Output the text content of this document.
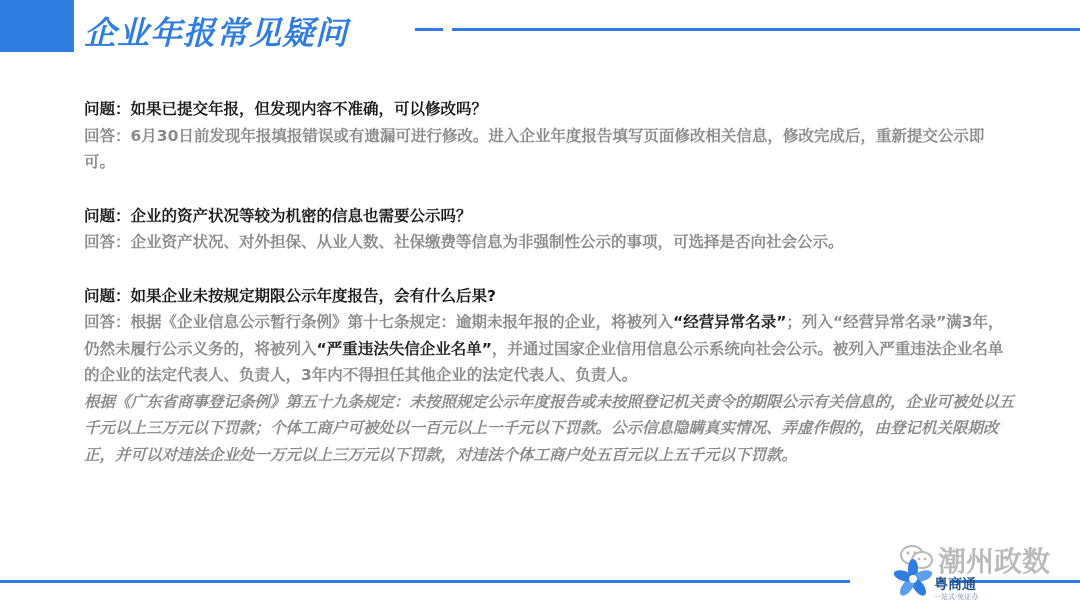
企业年报常见疑问
问题：如果已提交年报，但发现内容不准确，可以修改吗？
回答：6月30日前发现年报填报错误或有遗漏可进行修改。进入企业年度报告填写页面修改相关信息，修改完成后，重新提交公示即可。
问题：企业的资产状况等较为机密的信息也需要公示吗？
回答：企业资产状况、对外担保、从业人数、社保缴费等信息为非强制性公示的事项，可选择是否向社会公示。
问题：如果企业未按规定期限公示年度报告，会有什么后果?
回答：根据《企业信息公示暂行条例》第十七条规定：逾期未报年报的企业，将被列入“经营异常名录”；列入“经营异常名录”满3年，仍然未履行公示义务的，将被列入“严重违法失信企业名单”，并通过国家企业信用信息公示系统向社会公示。被列入严重违法企业名单的企业的法定代表人、负责人，3年内不得担任其他企业的法定代表人、负责人。
根据《广东省商事登记条例》第五十九条规定：未按照规定公示年度报告或未按照登记机关责令的期限公示有关信息的，企业可被处以五千元以上三万元以下罚款；个体工商户可被处以一百元以上一千元以下罚款。公示信息隐瞒真实情况、弄虚作假的，由登记机关限期改正，并可以对违法企业处一万元以上三万元以下罚款，对违法个体工商户处五百元以上五千元以下罚款。
潮州政数
粤商通
一站式·免证办
